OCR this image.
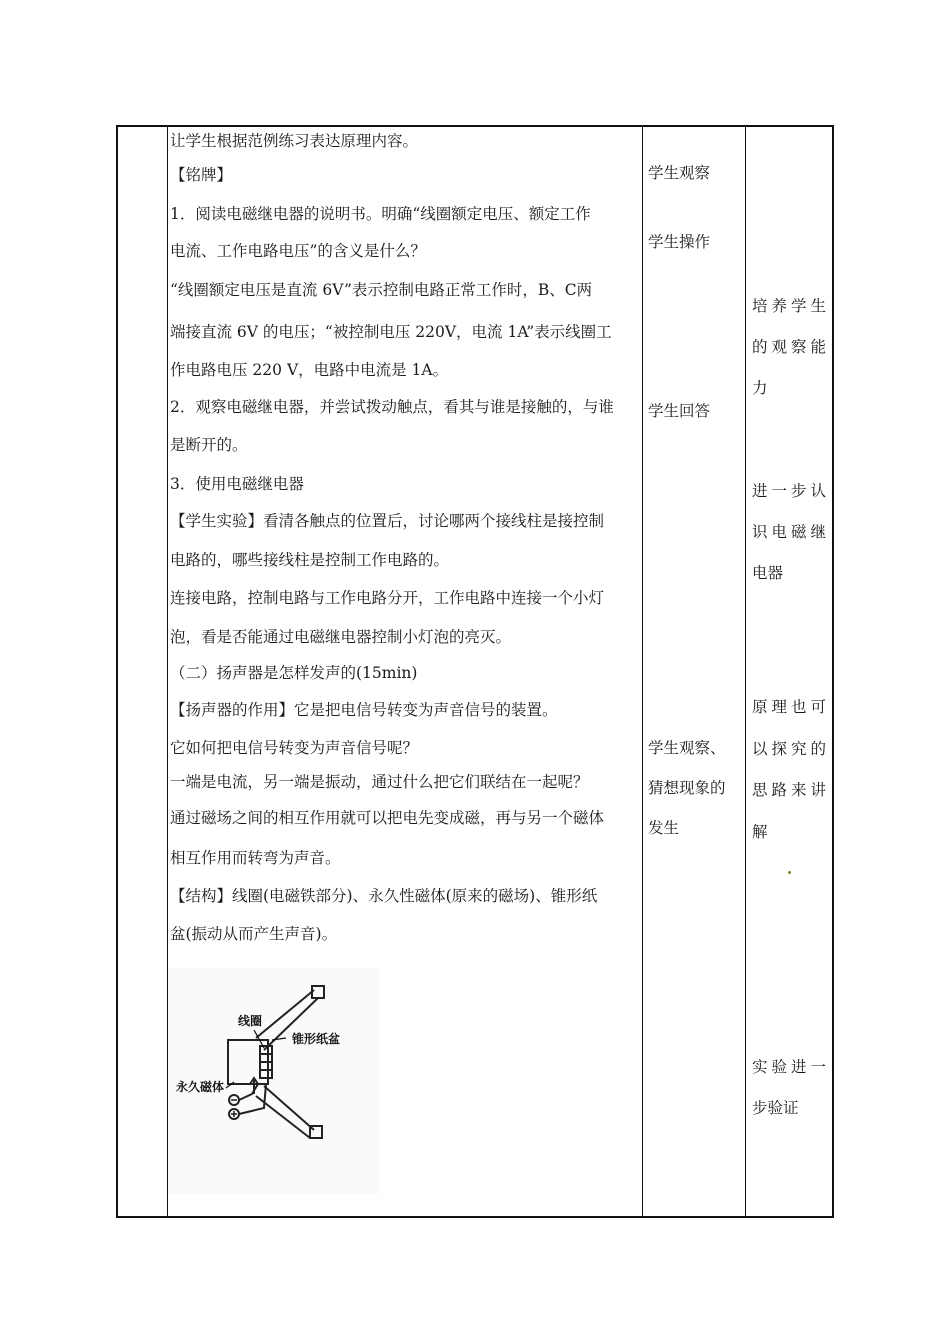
让学生根据范例练习表达原理内容。
【铭牌】
1．阅读电磁继电器的说明书。明确“线圈额定电压、额定工作
电流、工作电路电压”的含义是什么？
“线圈额定电压是直流 6V”表示控制电路正常工作时，B、C两
端接直流 6V 的电压；“被控制电压 220V，电流 1A”表示线圈工
作电路电压 220 V，电路中电流是 1A。
2．观察电磁继电器，并尝试拨动触点，看其与谁是接触的，与谁
是断开的。
3．使用电磁继电器
【学生实验】看清各触点的位置后，讨论哪两个接线柱是接控制
电路的，哪些接线柱是控制工作电路的。
连接电路，控制电路与工作电路分开，工作电路中连接一个小灯
泡，看是否能通过电磁继电器控制小灯泡的亮灭。
（二）扬声器是怎样发声的(15min)
【扬声器的作用】它是把电信号转变为声音信号的装置。
它如何把电信号转变为声音信号呢？
一端是电流，另一端是振动，通过什么把它们联结在一起呢？
通过磁场之间的相互作用就可以把电先变成磁，再与另一个磁体
相互作用而转弯为声音。
【结构】线圈(电磁铁部分)、永久性磁体(原来的磁场)、锥形纸
盆(振动从而产生声音)。
学生观察
学生操作
学生回答
学生观察、
猜想现象的
发生
培养学生
的观察能
力
进一步认
识电磁继
电器
原理也可
以探究的
思路来讲
解
实验进一
步验证
线圈
锥形纸盆
永久磁体
